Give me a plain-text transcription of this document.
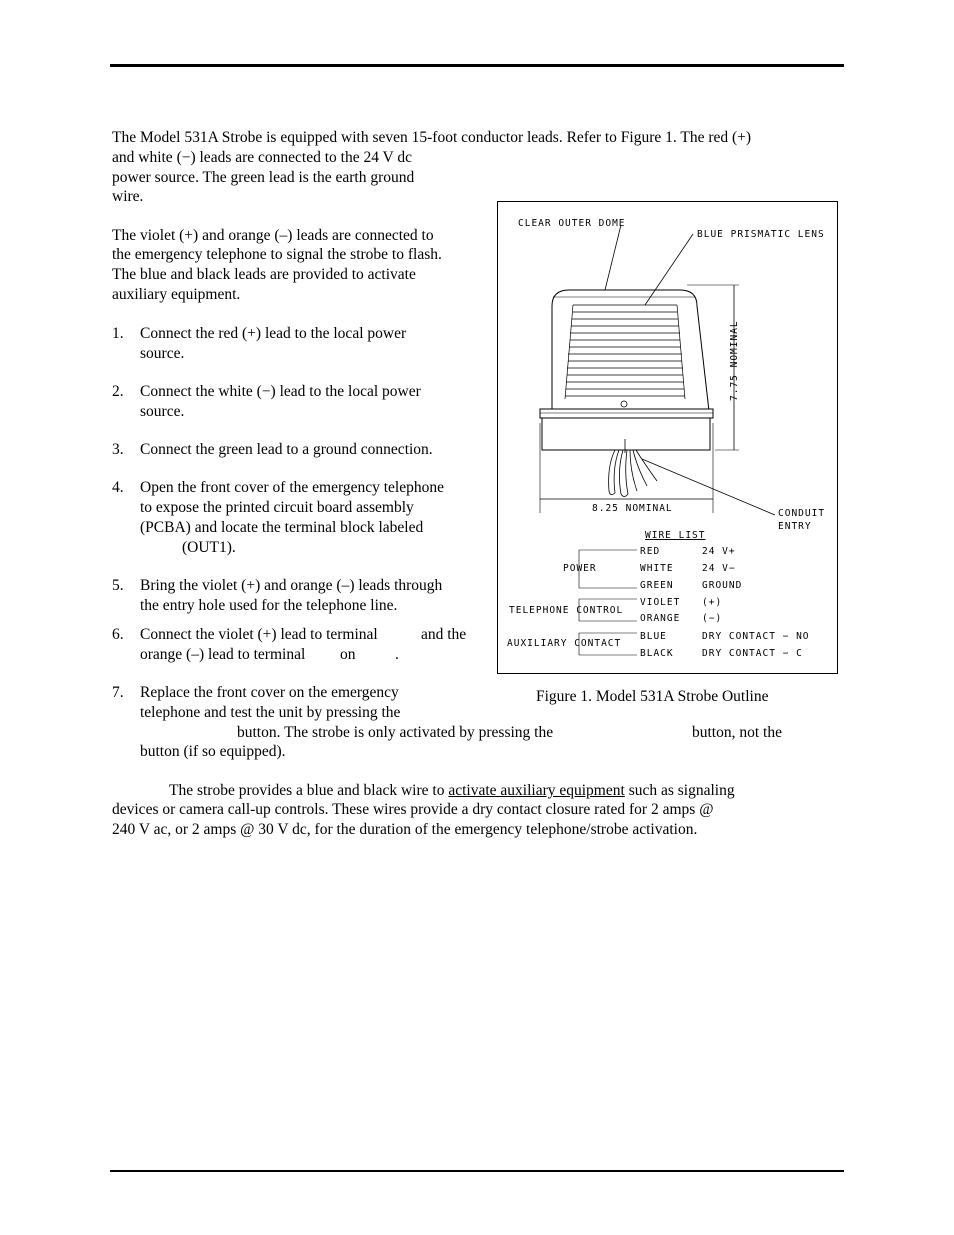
The Model 531A Strobe is equipped with seven 15-foot conductor leads. Refer to Figure 1. The red (+)
and white (−) leads are connected to the 24 V dc
power source. The green lead is the earth ground
wire.
The violet (+) and orange (–) leads are connected to
the emergency telephone to signal the strobe to flash.
The blue and black leads are provided to activate
auxiliary equipment.
1. Connect the red (+) lead to the local power
source.
2. Connect the white (−) lead to the local power
source.
3. Connect the green lead to a ground connection.
4. Open the front cover of the emergency telephone
to expose the printed circuit board assembly
(PCBA) and locate the terminal block labeled
(OUT1).
5. Bring the violet (+) and orange (–) leads through
the entry hole used for the telephone line.
6. Connect the violet (+) lead to terminal	and the
orange (–) lead to terminal on	.
7. Replace the front cover on the emergency
telephone and test the unit by pressing the
button. The strobe is only activated by pressing the	button, not the
button (if so equipped).
The strobe provides a blue and black wire to activate auxiliary equipment such as signaling
devices or camera call-up controls. These wires provide a dry contact closure rated for 2 amps @
240 V ac, or 2 amps @ 30 V dc, for the duration of the emergency telephone/strobe activation.
CLEAR OUTER DOME
BLUE PRISMATIC LENS
CONDUIT
ENTRY
7.75 NOMINAL
8.25 NOMINAL
WIRE LIST
POWER
TELEPHONE CONTROL
AUXILIARY CONTACT
RED	24 V+
WHITE	24 V−
GREEN	GROUND
VIOLET (+)
ORANGE (−)
BLUE	DRY CONTACT − NO
BLACK	DRY CONTACT − C
Figure 1. Model 531A Strobe Outline
